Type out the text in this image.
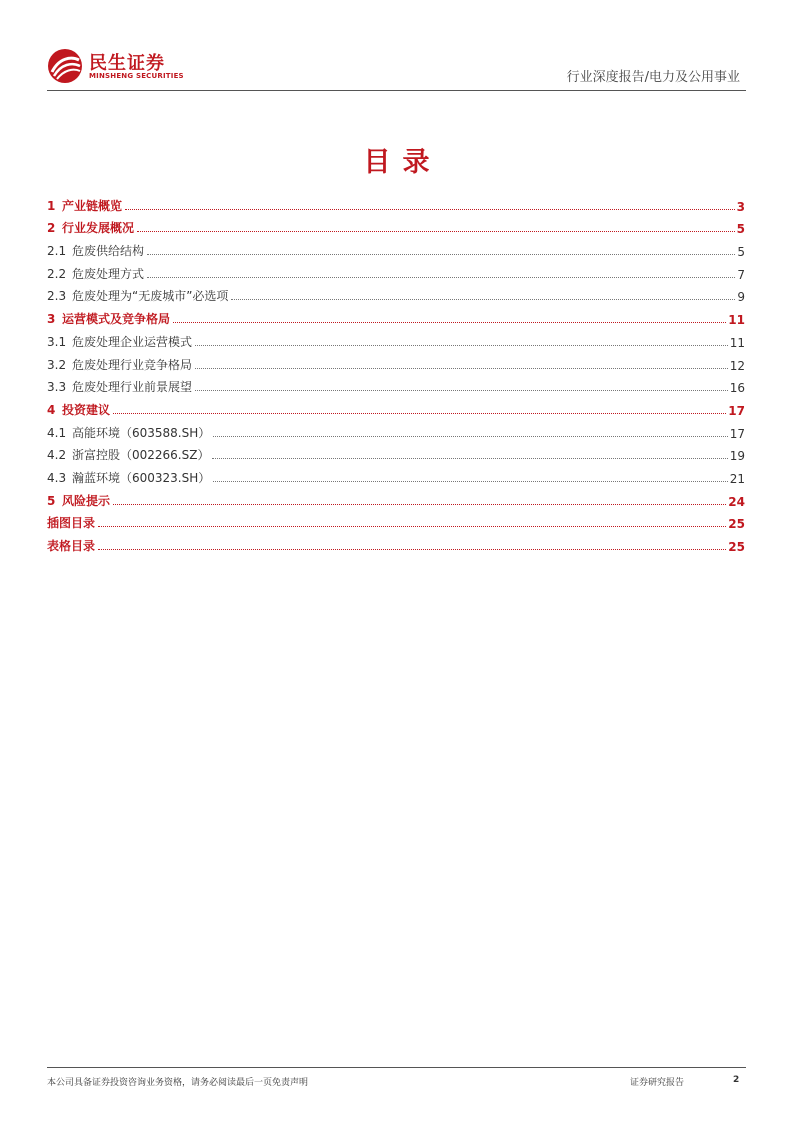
民生证券
MINSHENG SECURITIES	行业深度报告/电力及公用事业
目录
1 产业链概览	3
2 行业发展概况	5
2.1 危废供给结构	5
2.2 危废处理方式	7
2.3 危废处理为“无废城市”必选项	9
3 运营模式及竞争格局	11
3.1 危废处理企业运营模式	11
3.2 危废处理行业竞争格局	12
3.3 危废处理行业前景展望	16
4 投资建议	17
4.1 高能环境（603588.SH）	17
4.2 浙富控股（002266.SZ）	19
4.3 瀚蓝环境（600323.SH）	21
5 风险提示	24
插图目录	25
表格目录	25
本公司具备证券投资咨询业务资格，请务必阅读最后一页免责声明	证券研究报告	2
